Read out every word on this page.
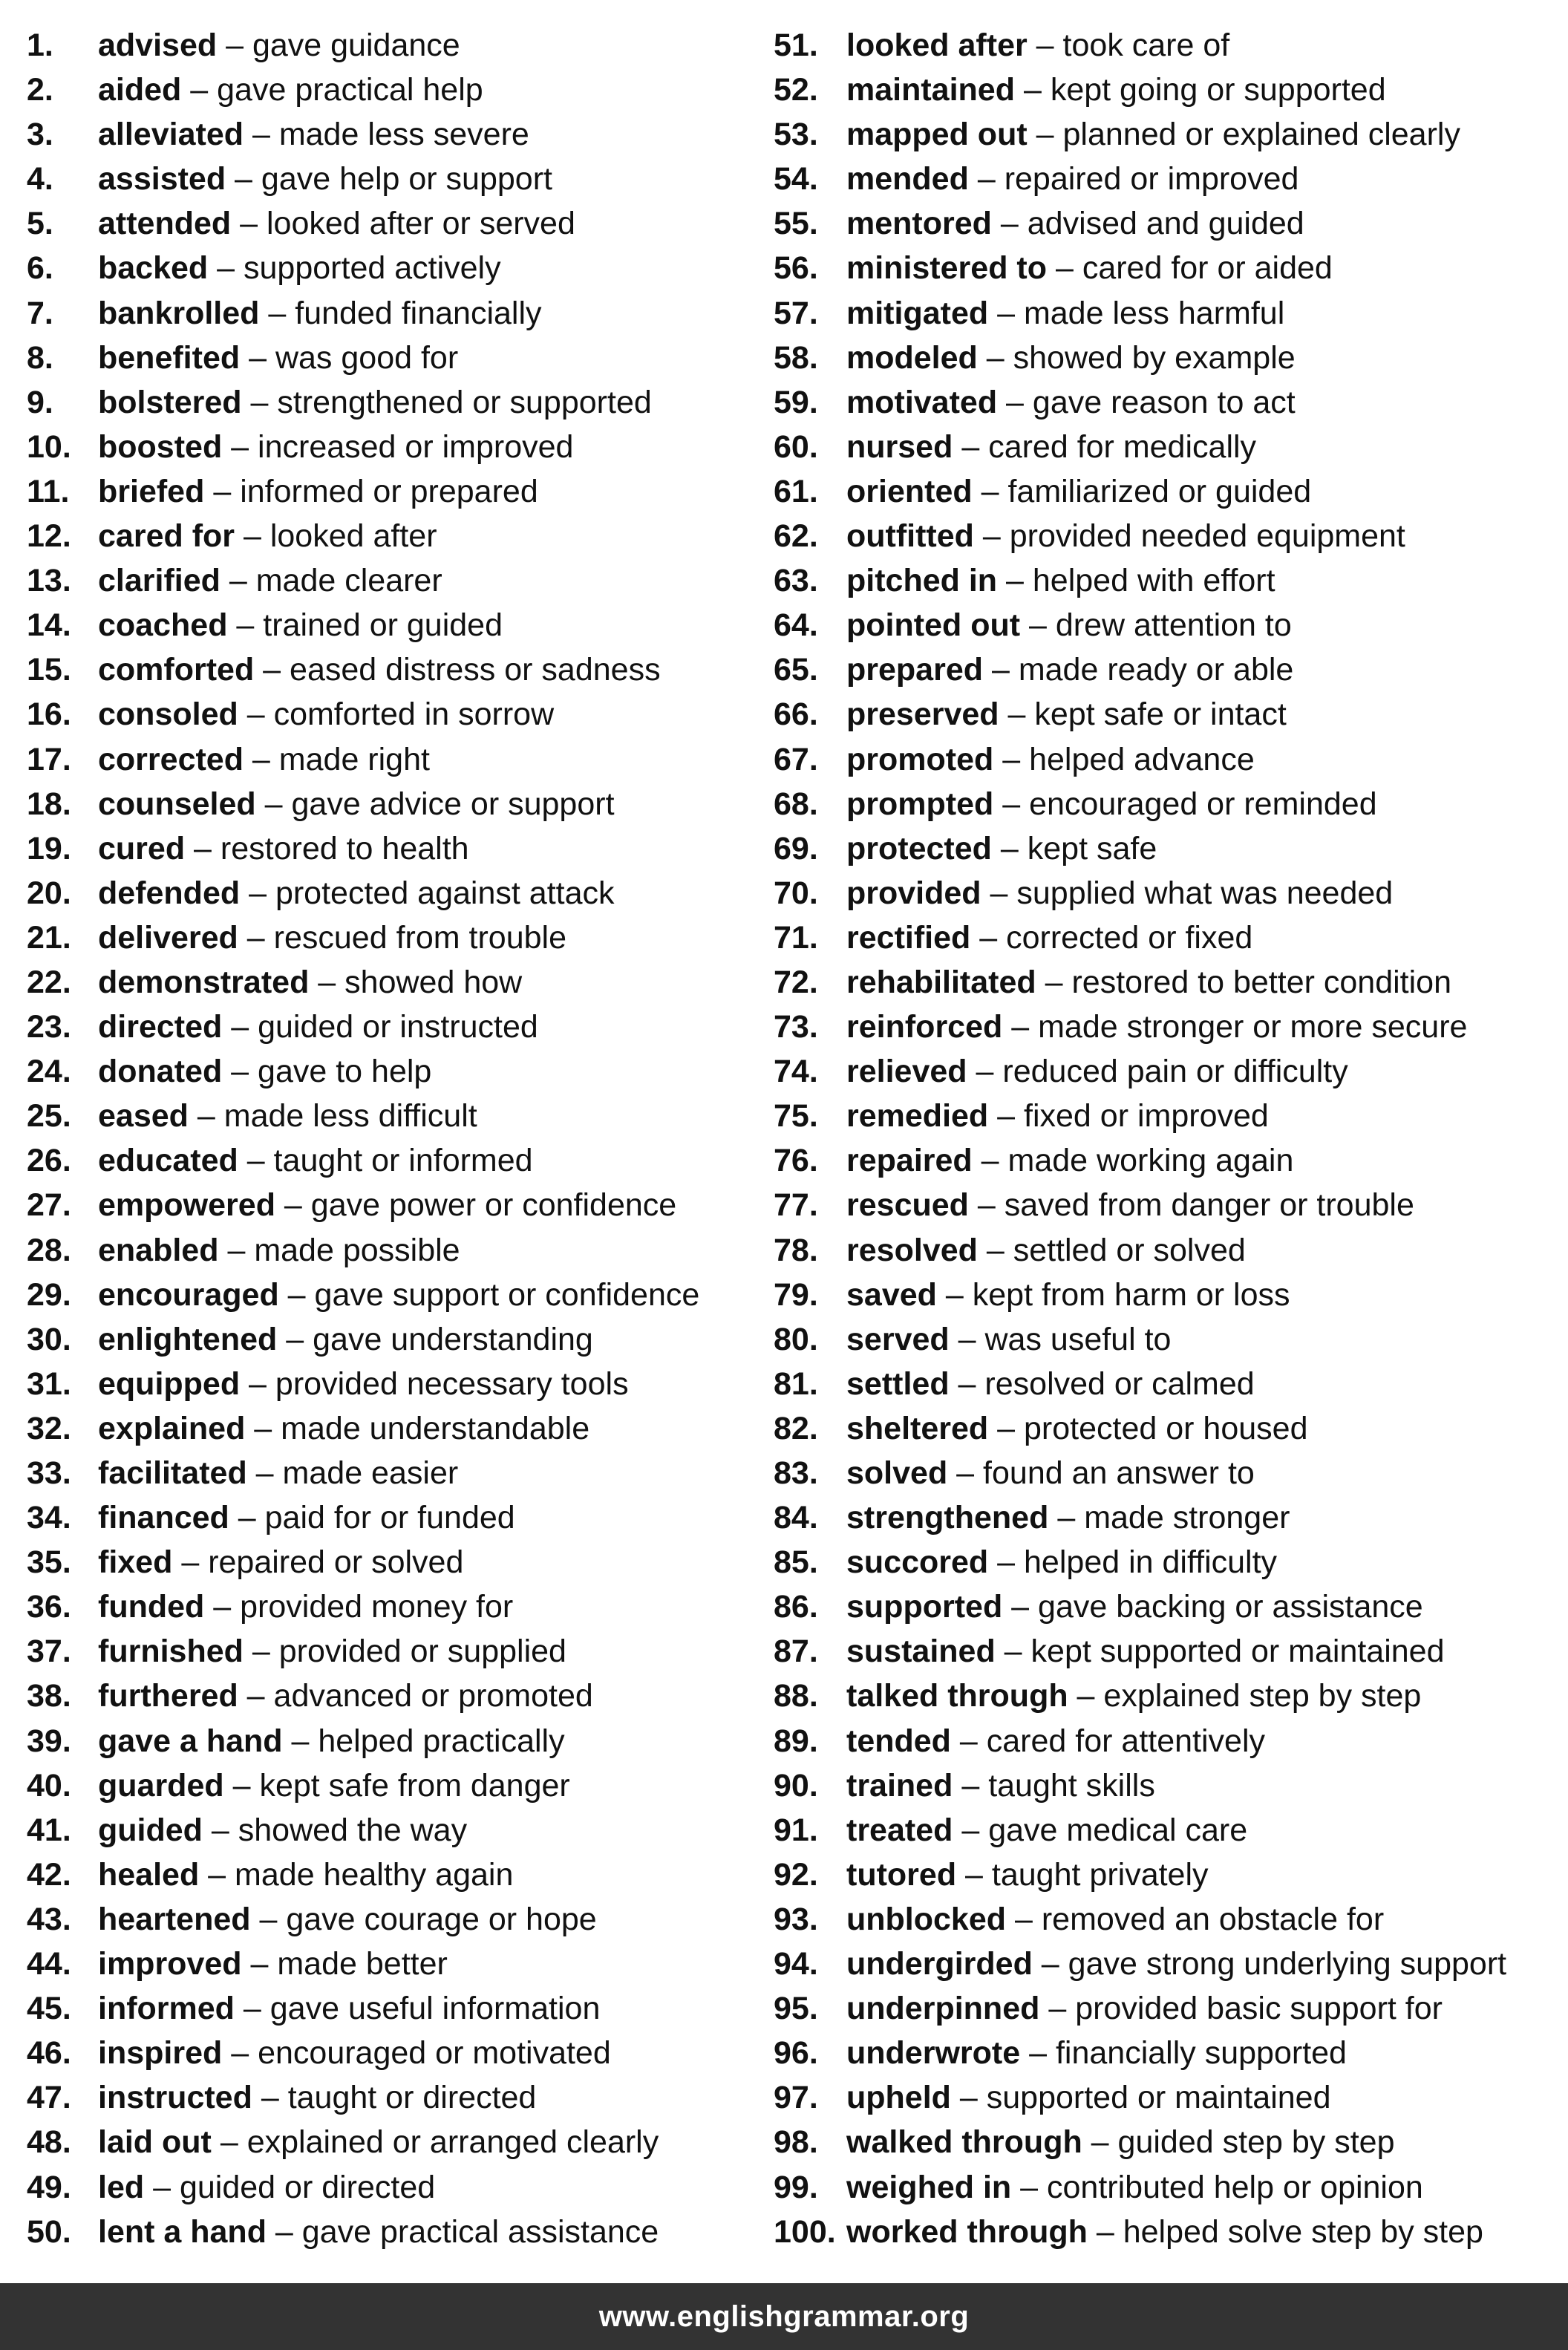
1.	advised – gave guidance
2.	aided – gave practical help
3.	alleviated – made less severe
4.	assisted – gave help or support
5.	attended – looked after or served
6.	backed – supported actively
7.	bankrolled – funded financially
8.	benefited – was good for
9.	bolstered – strengthened or supported
10. boosted – increased or improved
11. briefed – informed or prepared
12. cared for – looked after
13. clarified – made clearer
14. coached – trained or guided
15. comforted – eased distress or sadness
16. consoled – comforted in sorrow
17. corrected – made right
18. counseled – gave advice or support
19. cured – restored to health
20. defended – protected against attack
21. delivered – rescued from trouble
22. demonstrated – showed how
23. directed – guided or instructed
24. donated – gave to help
25. eased – made less difficult
26. educated – taught or informed
27. empowered – gave power or confidence
28. enabled – made possible
29. encouraged – gave support or confidence
30. enlightened – gave understanding
31. equipped – provided necessary tools
32. explained – made understandable
33. facilitated – made easier
34. financed – paid for or funded
35. fixed – repaired or solved
36. funded – provided money for
37. furnished – provided or supplied
38. furthered – advanced or promoted
39. gave a hand – helped practically
40. guarded – kept safe from danger
41. guided – showed the way
42. healed – made healthy again
43. heartened – gave courage or hope
44. improved – made better
45. informed – gave useful information
46. inspired – encouraged or motivated
47. instructed – taught or directed
48. laid out – explained or arranged clearly
49. led – guided or directed
50. lent a hand – gave practical assistance
51. looked after – took care of
52. maintained – kept going or supported
53. mapped out – planned or explained clearly
54. mended – repaired or improved
55. mentored – advised and guided
56. ministered to – cared for or aided
57. mitigated – made less harmful
58. modeled – showed by example
59. motivated – gave reason to act
60. nursed – cared for medically
61. oriented – familiarized or guided
62. outfitted – provided needed equipment
63. pitched in – helped with effort
64. pointed out – drew attention to
65. prepared – made ready or able
66. preserved – kept safe or intact
67. promoted – helped advance
68. prompted – encouraged or reminded
69. protected – kept safe
70. provided – supplied what was needed
71. rectified – corrected or fixed
72. rehabilitated – restored to better condition
73. reinforced – made stronger or more secure
74. relieved – reduced pain or difficulty
75. remedied – fixed or improved
76. repaired – made working again
77. rescued – saved from danger or trouble
78. resolved – settled or solved
79. saved – kept from harm or loss
80. served – was useful to
81. settled – resolved or calmed
82. sheltered – protected or housed
83. solved – found an answer to
84. strengthened – made stronger
85. succored – helped in difficulty
86. supported – gave backing or assistance
87. sustained – kept supported or maintained
88. talked through – explained step by step
89. tended – cared for attentively
90. trained – taught skills
91. treated – gave medical care
92. tutored – taught privately
93. unblocked – removed an obstacle for
94. undergirded – gave strong underlying support
95. underpinned – provided basic support for
96. underwrote – financially supported
97. upheld – supported or maintained
98. walked through – guided step by step
99. weighed in – contributed help or opinion
100. worked through – helped solve step by step
www.englishgrammar.org
